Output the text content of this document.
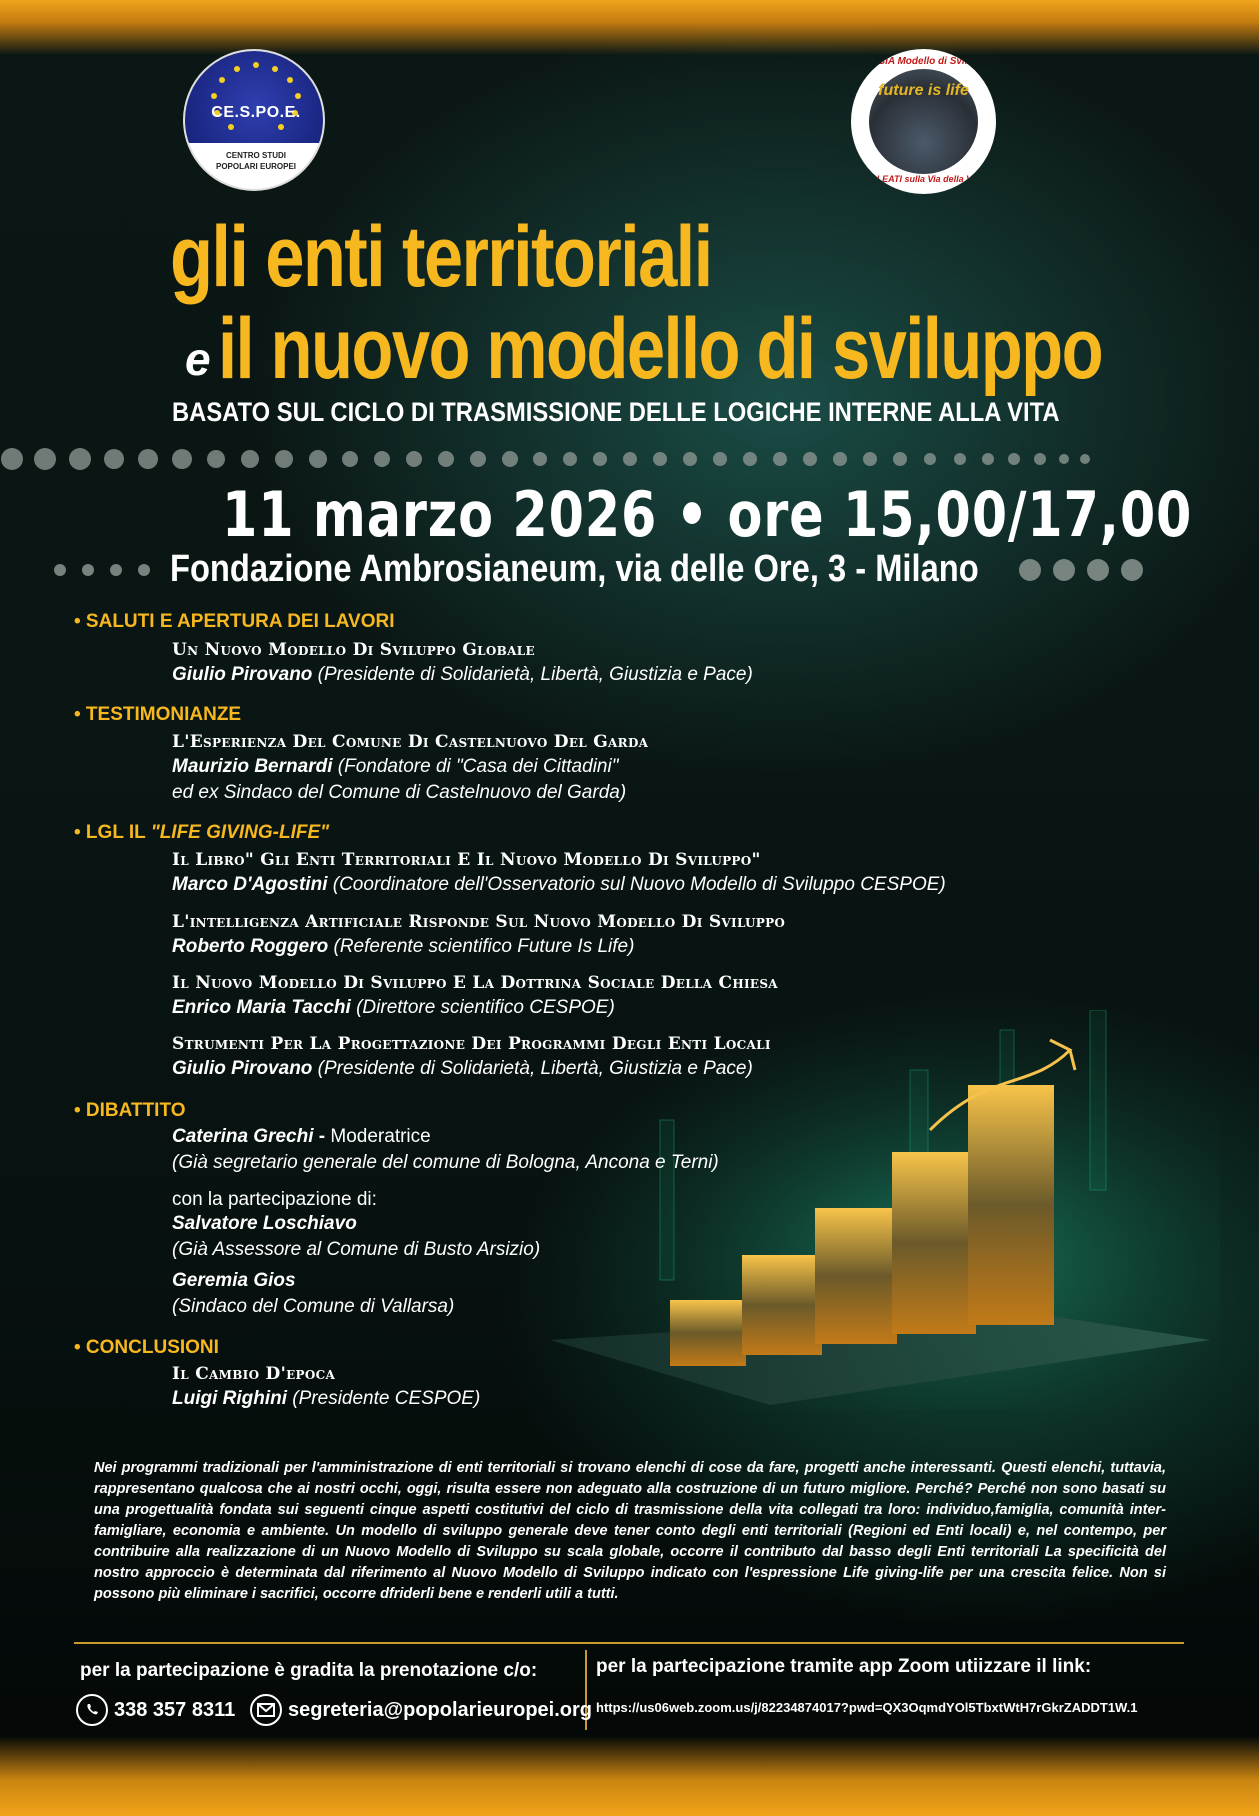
CE.S.PO.E.
CENTRO STUDI
POPOLARI EUROPEI
CAMBIA Modello di Sviluppo
future is life
ALLEATI sulla Via della Vita
gli enti territoriali
e il nuovo modello di sviluppo
BASATO SUL CICLO DI TRASMISSIONE DELLE LOGICHE INTERNE ALLA VITA
11 marzo 2026 • ore 15,00/17,00
Fondazione Ambrosianeum, via delle Ore, 3 - Milano
• SALUTI E APERTURA DEI LAVORI
Un Nuovo Modello Di Sviluppo Globale
Giulio Pirovano (Presidente di Solidarietà, Libertà, Giustizia e Pace)
• TESTIMONIANZE
L'Esperienza Del Comune Di Castelnuovo Del Garda
Maurizio Bernardi (Fondatore di "Casa dei Cittadini"
ed ex Sindaco del Comune di Castelnuovo del Garda)
• LGL IL "LIFE GIVING-LIFE"
Il Libro" Gli Enti Territoriali E Il Nuovo Modello Di Sviluppo"
Marco D'Agostini (Coordinatore dell'Osservatorio sul Nuovo Modello di Sviluppo CESPOE)
L'intelligenza Artificiale Risponde Sul Nuovo Modello Di Sviluppo
Roberto Roggero (Referente scientifico Future Is Life)
Il Nuovo Modello Di Sviluppo E La Dottrina Sociale Della Chiesa
Enrico Maria Tacchi (Direttore scientifico CESPOE)
Strumenti Per La Progettazione Dei Programmi Degli Enti Locali
Giulio Pirovano (Presidente di Solidarietà, Libertà, Giustizia e Pace)
• DIBATTITO
Caterina Grechi - Moderatrice
(Già segretario generale del comune di Bologna, Ancona e Terni)
con la partecipazione di:
Salvatore Loschiavo
(Già Assessore al Comune di Busto Arsizio)
Geremia Gios
(Sindaco del Comune di Vallarsa)
• CONCLUSIONI
Il Cambio D'epoca
Luigi Righini (Presidente CESPOE)
Nei programmi tradizionali per l'amministrazione di enti territoriali si trovano elenchi di cose da fare, progetti anche interessanti. Questi elenchi, tuttavia, rappresentano qualcosa che ai nostri occhi, oggi, risulta essere non adeguato alla costruzione di un futuro migliore. Perché? Perché non sono basati su una progettualità fondata sui seguenti cinque aspetti costitutivi del ciclo di trasmissione della vita collegati tra loro: individuo,famiglia, comunità inter-famigliare, economia e ambiente. Un modello di sviluppo generale deve tener conto degli enti territoriali (Regioni ed Enti locali) e, nel contempo, per contribuire alla realizzazione di un Nuovo Modello di Sviluppo su scala globale, occorre il contributo dal basso degli Enti territoriali La specificità del nostro approccio è determinata dal riferimento al Nuovo Modello di Sviluppo indicato con l'espressione Life giving-life per una crescita felice. Non si possono più eliminare i sacrifici, occorre dfriderli bene e renderli utili a tutti.
per la partecipazione è gradita la prenotazione c/o:	per la partecipazione tramite app Zoom utiizzare il link:
338 357 8311	segreteria@popolarieuropei.org https://us06web.zoom.us/j/82234874017?pwd=QX3OqmdYOl5TbxtWtH7rGkrZADDT1W.1
